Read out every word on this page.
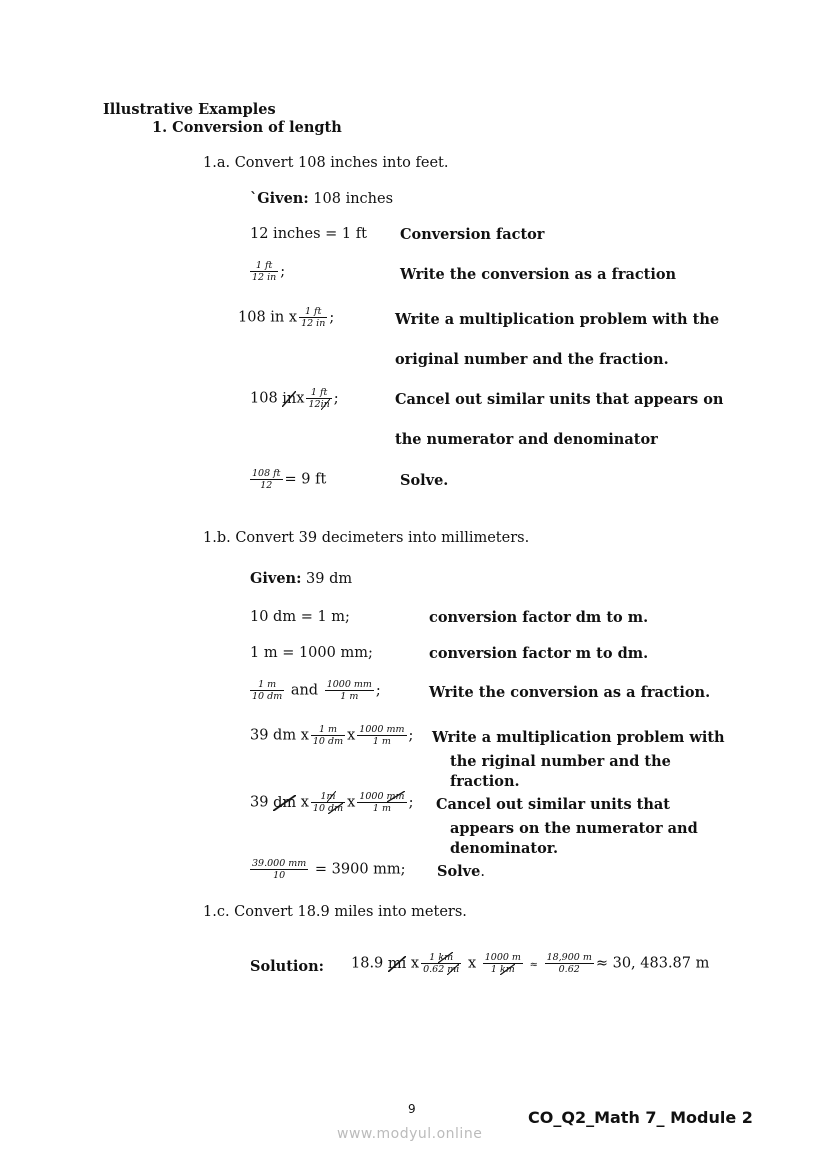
Illustrative Examples
1. Conversion of length
1.a. Convert 108 inches into feet.
`Given: 108 inches
12 inches = 1 ft Conversion factor
$\frac{1 ft}{12 in}$ ;	Write the conversion as a fraction
108 in x $\frac{1 ft}{12 in}$ ;	Write a multiplication problem with the
original number and the fraction.
108 inx $\frac{1 ft}{12in}$ ;	Cancel out similar units that appears on
the numerator and denominator
$\frac{108 ft}{12} = 9$ ft	Solve.
1.b. Convert 39 decimeters into millimeters.
Given: 39 dm
10 dm = 1 m;	conversion factor dm to m.
1 m = 1000 mm;	conversion factor m to dm.
$\frac{1 m}{10 dm}$ and $\frac{1000 mm}{1 m}$ ;	Write the conversion as a fraction.
39 dm x $\frac{1 m}{10 dm}$ x $\frac{1000 mm}{1 m}$ ; Write a multiplication problem with
the riginal number and the
fraction.
39 dm x $\frac{1m}{10 dm}$ x $\frac{1000 mm}{1 m}$ ; Cancel out similar units that
appears on the numerator and
denominator.
$\frac{39.000 mm}{10} = 3900$ mm; Solve.
1.c. Convert 18.9 miles into meters.
Solution: 18.9 mi x $\frac{1 km}{0.62 mi}$ x $\frac{1000 m}{1 km} \approx \frac{18,900 m}{0.62} \approx 30$, 483.87 m
9	CO_Q2_Math 7_ Module 2
www.modyul.online
